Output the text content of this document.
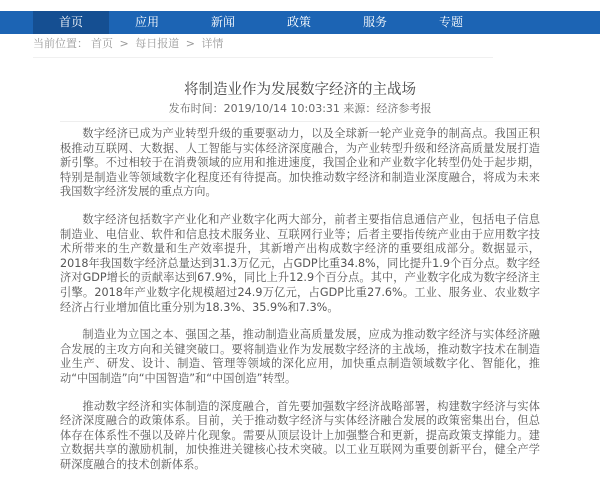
首页	应用	新闻	政策	服务	专题
当前位置： 首页 > 每日报道 > 详情
将制造业作为发展数字经济的主战场
发布时间：2019/10/14 10:03:31 来源：经济参考报

数字经济已成为产业转型升级的重要驱动力，以及全球新一轮产业竞争的制高点。我国正积极推动互联网、大数据、人工智能与实体经济深度融合，为产业转型升级和经济高质量发展打造新引擎。不过相较于在消费领域的应用和推进速度，我国企业和产业数字化转型仍处于起步期，特别是制造业等领域数字化程度还有待提高。加快推动数字经济和制造业深度融合，将成为未来我国数字经济发展的重点方向。

数字经济包括数字产业化和产业数字化两大部分，前者主要指信息通信产业，包括电子信息制造业、电信业、软件和信息技术服务业、互联网行业等；后者主要指传统产业由于应用数字技术所带来的生产数量和生产效率提升，其新增产出构成数字经济的重要组成部分。数据显示，2018年我国数字经济总量达到31.3万亿元，占GDP比重34.8%，同比提升1.9个百分点。数字经济对GDP增长的贡献率达到67.9%，同比上升12.9个百分点。其中，产业数字化成为数字经济主引擎。2018年产业数字化规模超过24.9万亿元，占GDP比重27.6%。工业、服务业、农业数字经济占行业增加值比重分别为18.3%、35.9%和7.3%。

制造业为立国之本、强国之基，推动制造业高质量发展，应成为推动数字经济与实体经济融合发展的主攻方向和关键突破口。要将制造业作为发展数字经济的主战场，推动数字技术在制造业生产、研发、设计、制造、管理等领域的深化应用，加快重点制造领域数字化、智能化，推动“中国制造”向“中国智造”和“中国创造”转型。

推动数字经济和实体制造的深度融合，首先要加强数字经济战略部署，构建数字经济与实体经济深度融合的政策体系。目前，关于推动数字经济与实体经济融合发展的政策密集出台，但总体存在体系性不强以及碎片化现象。需要从顶层设计上加强整合和更新，提高政策支撑能力。建立数据共享的激励机制，加快推进关键核心技术突破。以工业互联网为重要创新平台，健全产学研深度融合的技术创新体系。
